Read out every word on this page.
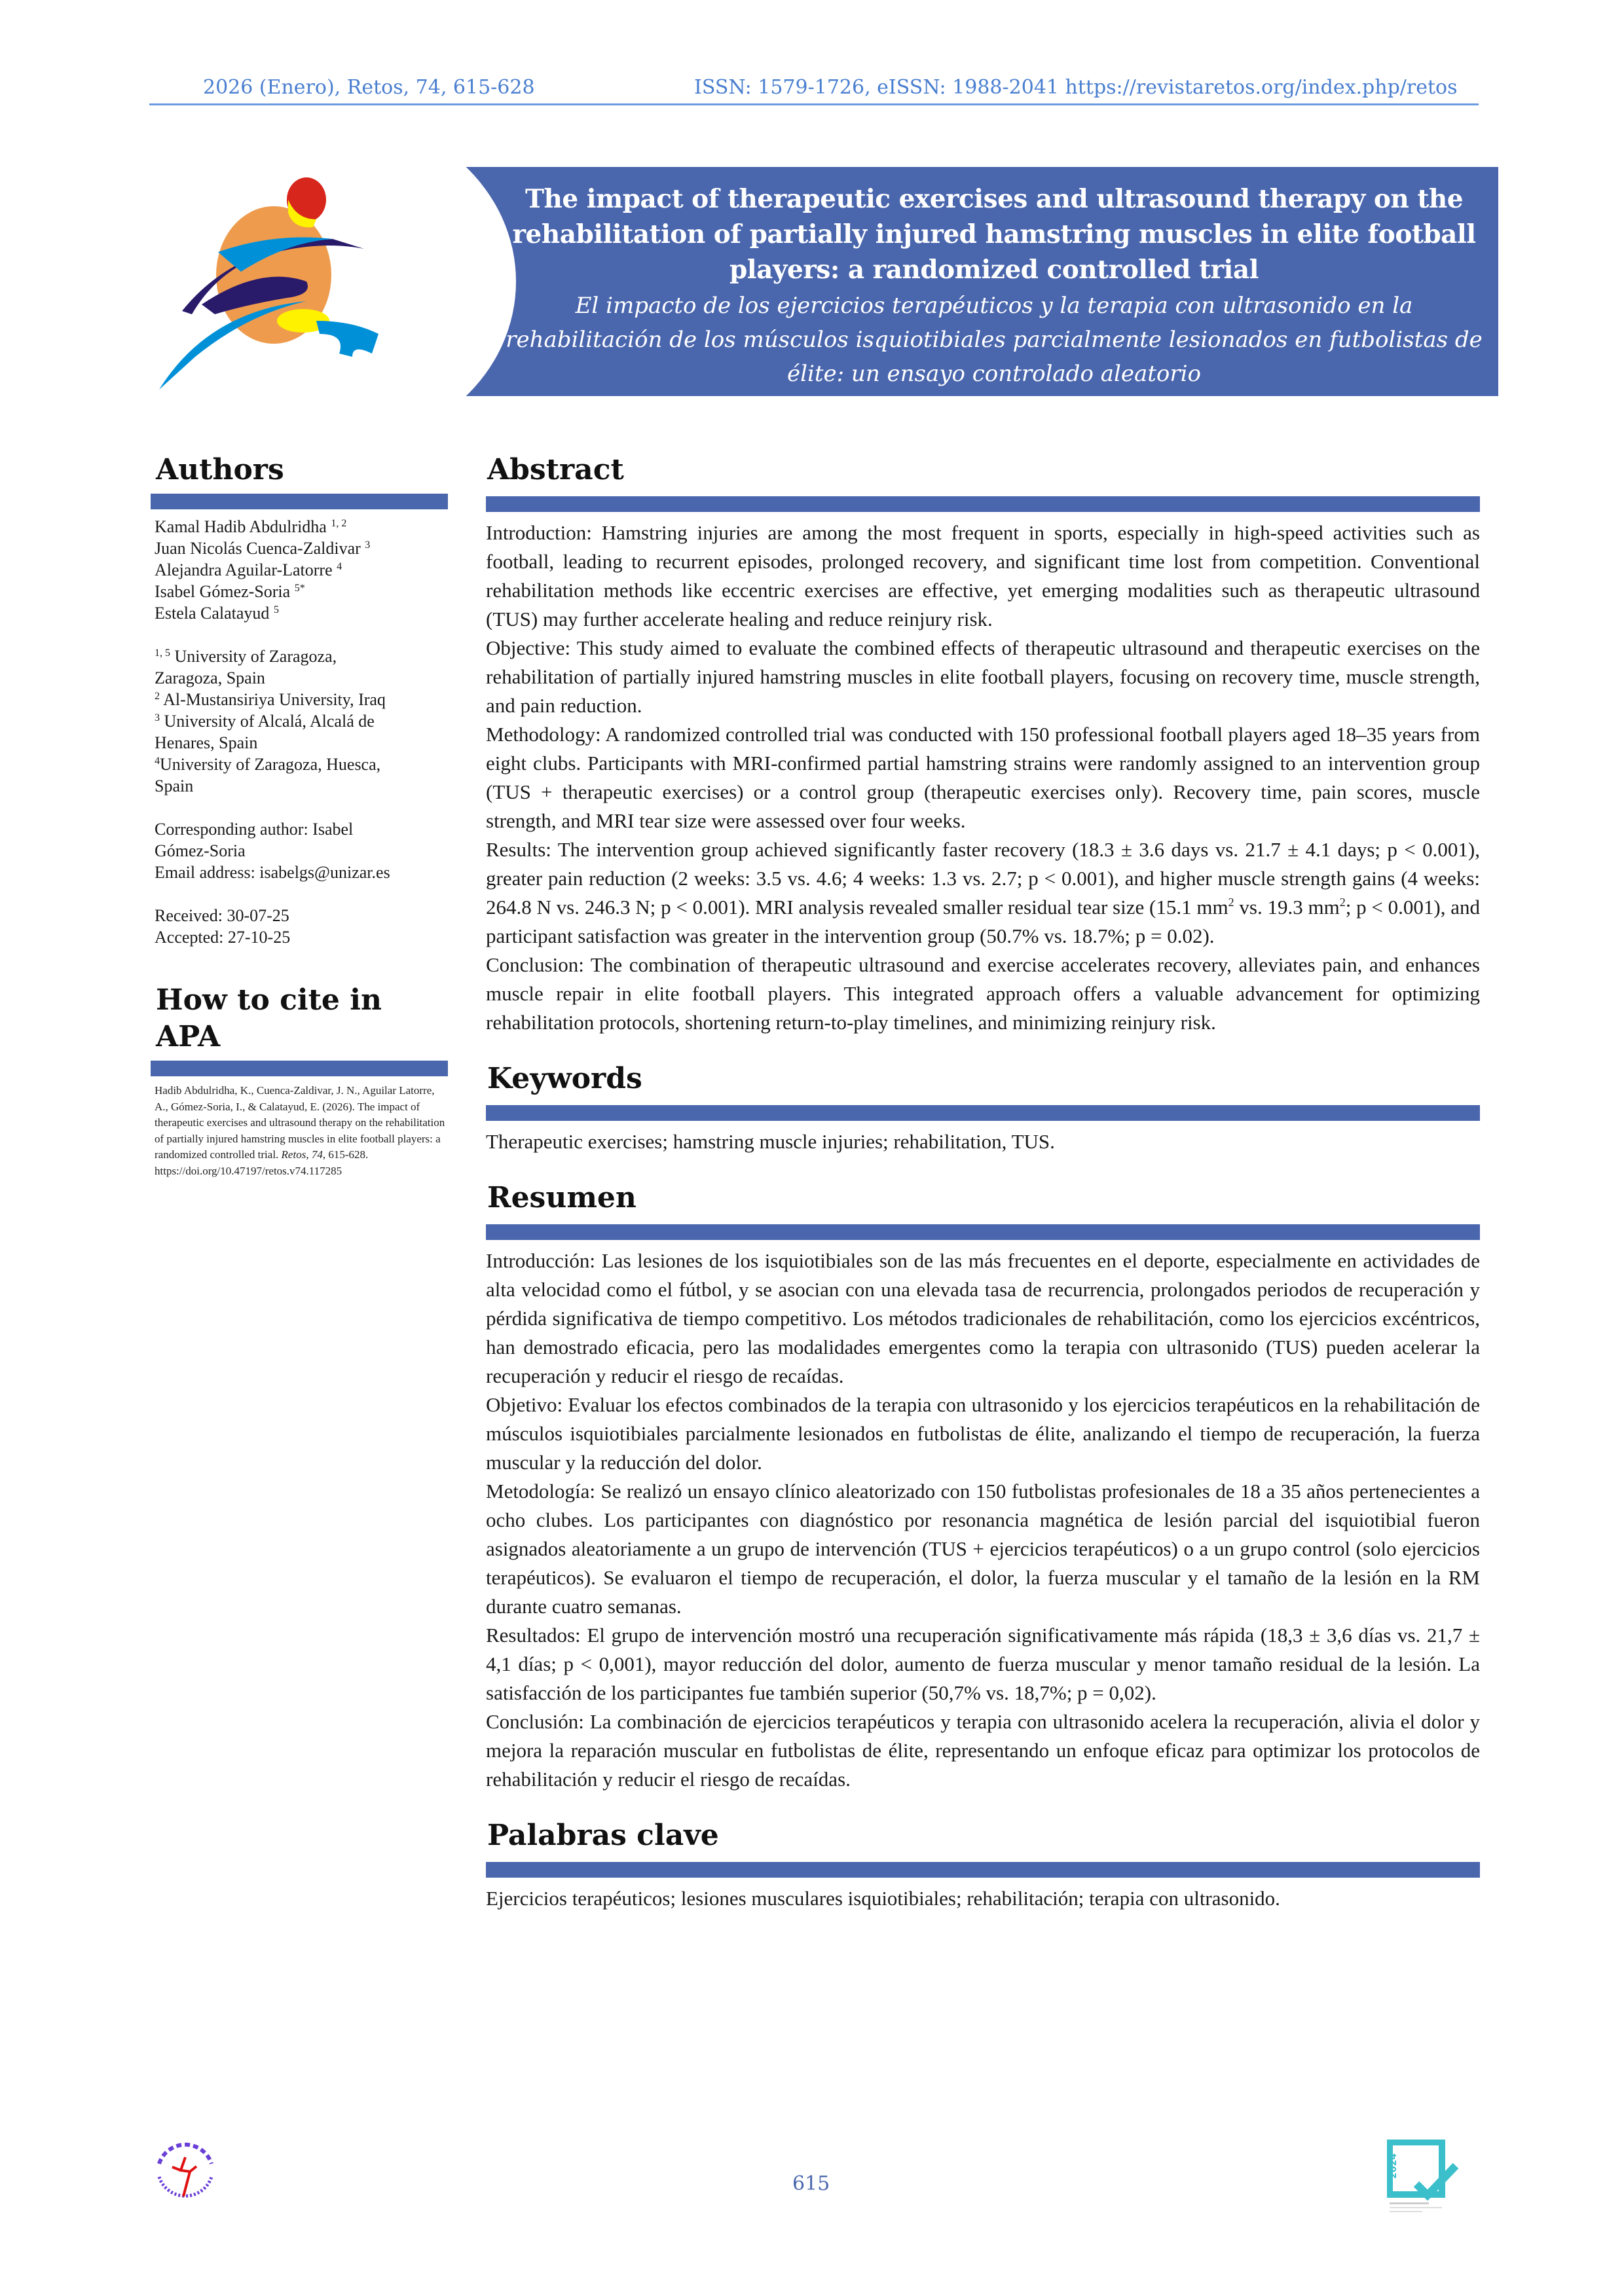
2026 (Enero), Retos, 74, 615-628	ISSN: 1579-1726, eISSN: 1988-2041 https://revistaretos.org/index.php/retos
The impact of therapeutic exercises and ultrasound therapy on the
rehabilitation of partially injured hamstring muscles in elite football
players: a randomized controlled trial
El impacto de los ejercicios terapéuticos y la terapia con ultrasonido en la
rehabilitación de los músculos isquiotibiales parcialmente lesionados en futbolistas de
élite: un ensayo controlado aleatorio
Authors
Kamal Hadib Abdulridha $^{1, 2}$
Juan Nicolás Cuenca-Zaldivar $^3$
Alejandra Aguilar-Latorre $^4$
Isabel Gómez-Soria $^{5*}$
Estela Calatayud $^5$
$^{1, 5}$ University of Zaragoza,
Zaragoza, Spain
$^2$ Al-Mustansiriya University, Iraq
$^3$ University of Alcalá, Alcalá de
Henares, Spain
$^4$University of Zaragoza, Huesca,
Spain
Corresponding author: Isabel
Gómez-Soria
Email address: isabelgs@unizar.es
Received: 30-07-25
Accepted: 27-10-25
How to cite in APA
Hadib Abdulridha, K., Cuenca-Zaldivar, J. N., Aguilar Latorre, A., Gómez-Soria, I., & Calatayud, E. (2026). The impact of therapeutic exercises and ultrasound therapy on the rehabilitation of partially injured hamstring muscles in elite football players: a randomized controlled trial. Retos, 74, 615-628.
https://doi.org/10.47197/retos.v74.117285
Abstract

Introduction: Hamstring injuries are among the most frequent in sports, especially in high-speed activities such as football, leading to recurrent episodes, prolonged recovery, and significant time lost from competition. Conventional rehabilitation methods like eccentric exercises are effective, yet emerging modalities such as therapeutic ultrasound (TUS) may further accelerate healing and reduce reinjury risk.

Objective: This study aimed to evaluate the combined effects of therapeutic ultrasound and therapeutic exercises on the rehabilitation of partially injured hamstring muscles in elite football players, focusing on recovery time, muscle strength, and pain reduction.

Methodology: A randomized controlled trial was conducted with 150 professional football players aged 18–35 years from eight clubs. Participants with MRI-confirmed partial hamstring strains were randomly assigned to an intervention group (TUS + therapeutic exercises) or a control group (therapeutic exercises only). Recovery time, pain scores, muscle strength, and MRI tear size were assessed over four weeks.

Results: The intervention group achieved significantly faster recovery (18.3 ± 3.6 days vs. 21.7 ± 4.1 days; p < 0.001), greater pain reduction (2 weeks: 3.5 vs. 4.6; 4 weeks: 1.3 vs. 2.7; p < 0.001), and higher muscle strength gains (4 weeks: 264.8 N vs. 246.3 N; p < 0.001). MRI analysis revealed smaller residual tear size (15.1 $mm^2$ vs. 19.3 $mm^2$; p < 0.001), and participant satisfaction was greater in the intervention group (50.7% vs. 18.7%; p = 0.02).

Conclusion: The combination of therapeutic ultrasound and exercise accelerates recovery, alleviates pain, and enhances muscle repair in elite football players. This integrated approach offers a valuable advancement for optimizing rehabilitation protocols, shortening return-to-play timelines, and minimizing reinjury risk.

Keywords

Therapeutic exercises; hamstring muscle injuries; rehabilitation, TUS.

Resumen

Introducción: Las lesiones de los isquiotibiales son de las más frecuentes en el deporte, especialmente en actividades de alta velocidad como el fútbol, y se asocian con una elevada tasa de recurrencia, prolongados periodos de recuperación y pérdida significativa de tiempo competitivo. Los métodos tradicionales de rehabilitación, como los ejercicios excéntricos, han demostrado eficacia, pero las modalidades emergentes como la terapia con ultrasonido (TUS) pueden acelerar la recuperación y reducir el riesgo de recaídas.

Objetivo: Evaluar los efectos combinados de la terapia con ultrasonido y los ejercicios terapéuticos en la rehabilitación de músculos isquiotibiales parcialmente lesionados en futbolistas de élite, analizando el tiempo de recuperación, la fuerza muscular y la reducción del dolor.

Metodología: Se realizó un ensayo clínico aleatorizado con 150 futbolistas profesionales de 18 a 35 años pertenecientes a ocho clubes. Los participantes con diagnóstico por resonancia magnética de lesión parcial del isquiotibial fueron asignados aleatoriamente a un grupo de intervención (TUS + ejercicios terapéuticos) o a un grupo control (solo ejercicios terapéuticos). Se evaluaron el tiempo de recuperación, el dolor, la fuerza muscular y el tamaño de la lesión en la RM durante cuatro semanas.

Resultados: El grupo de intervención mostró una recuperación significativamente más rápida (18,3 ± 3,6 días vs. 21,7 ± 4,1 días; p < 0,001), mayor reducción del dolor, aumento de fuerza muscular y menor tamaño residual de la lesión. La satisfacción de los participantes fue también superior (50,7% vs. 18,7%; p = 0,02).

Conclusión: La combinación de ejercicios terapéuticos y terapia con ultrasonido acelera la recuperación, alivia el dolor y mejora la reparación muscular en futbolistas de élite, representando un enfoque eficaz para optimizar los protocolos de rehabilitación y reducir el riesgo de recaídas.

Palabras clave

Ejercicios terapéuticos; lesiones musculares isquiotibiales; rehabilitación; terapia con ultrasonido.

615
2024
